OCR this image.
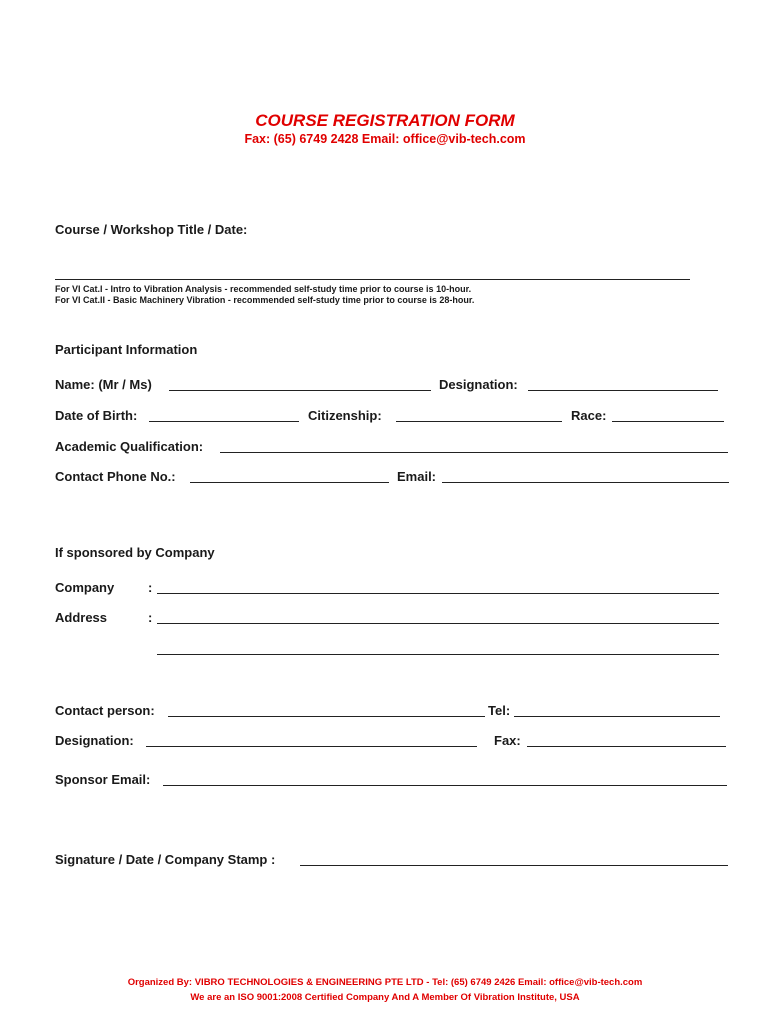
COURSE REGISTRATION FORM
Fax: (65) 6749 2428 Email: office@vib-tech.com
Course / Workshop Title / Date:
For VI Cat.I - Intro to Vibration Analysis - recommended self-study time prior to course is 10-hour.
For VI Cat.II - Basic Machinery Vibration - recommended self-study time prior to course is 28-hour.
Participant Information
Name: (Mr / Ms)	Designation:
Date of Birth:	Citizenship:	Race:
Academic Qualification:
Contact Phone No.:	Email:
If sponsored by Company
Company	:
Address	:
Contact person:	Tel:
Designation:	Fax:
Sponsor Email:
Signature / Date / Company Stamp :
Organized By: VIBRO TECHNOLOGIES & ENGINEERING PTE LTD - Tel: (65) 6749 2426 Email: office@vib-tech.com
We are an ISO 9001:2008 Certified Company And A Member Of Vibration Institute, USA
